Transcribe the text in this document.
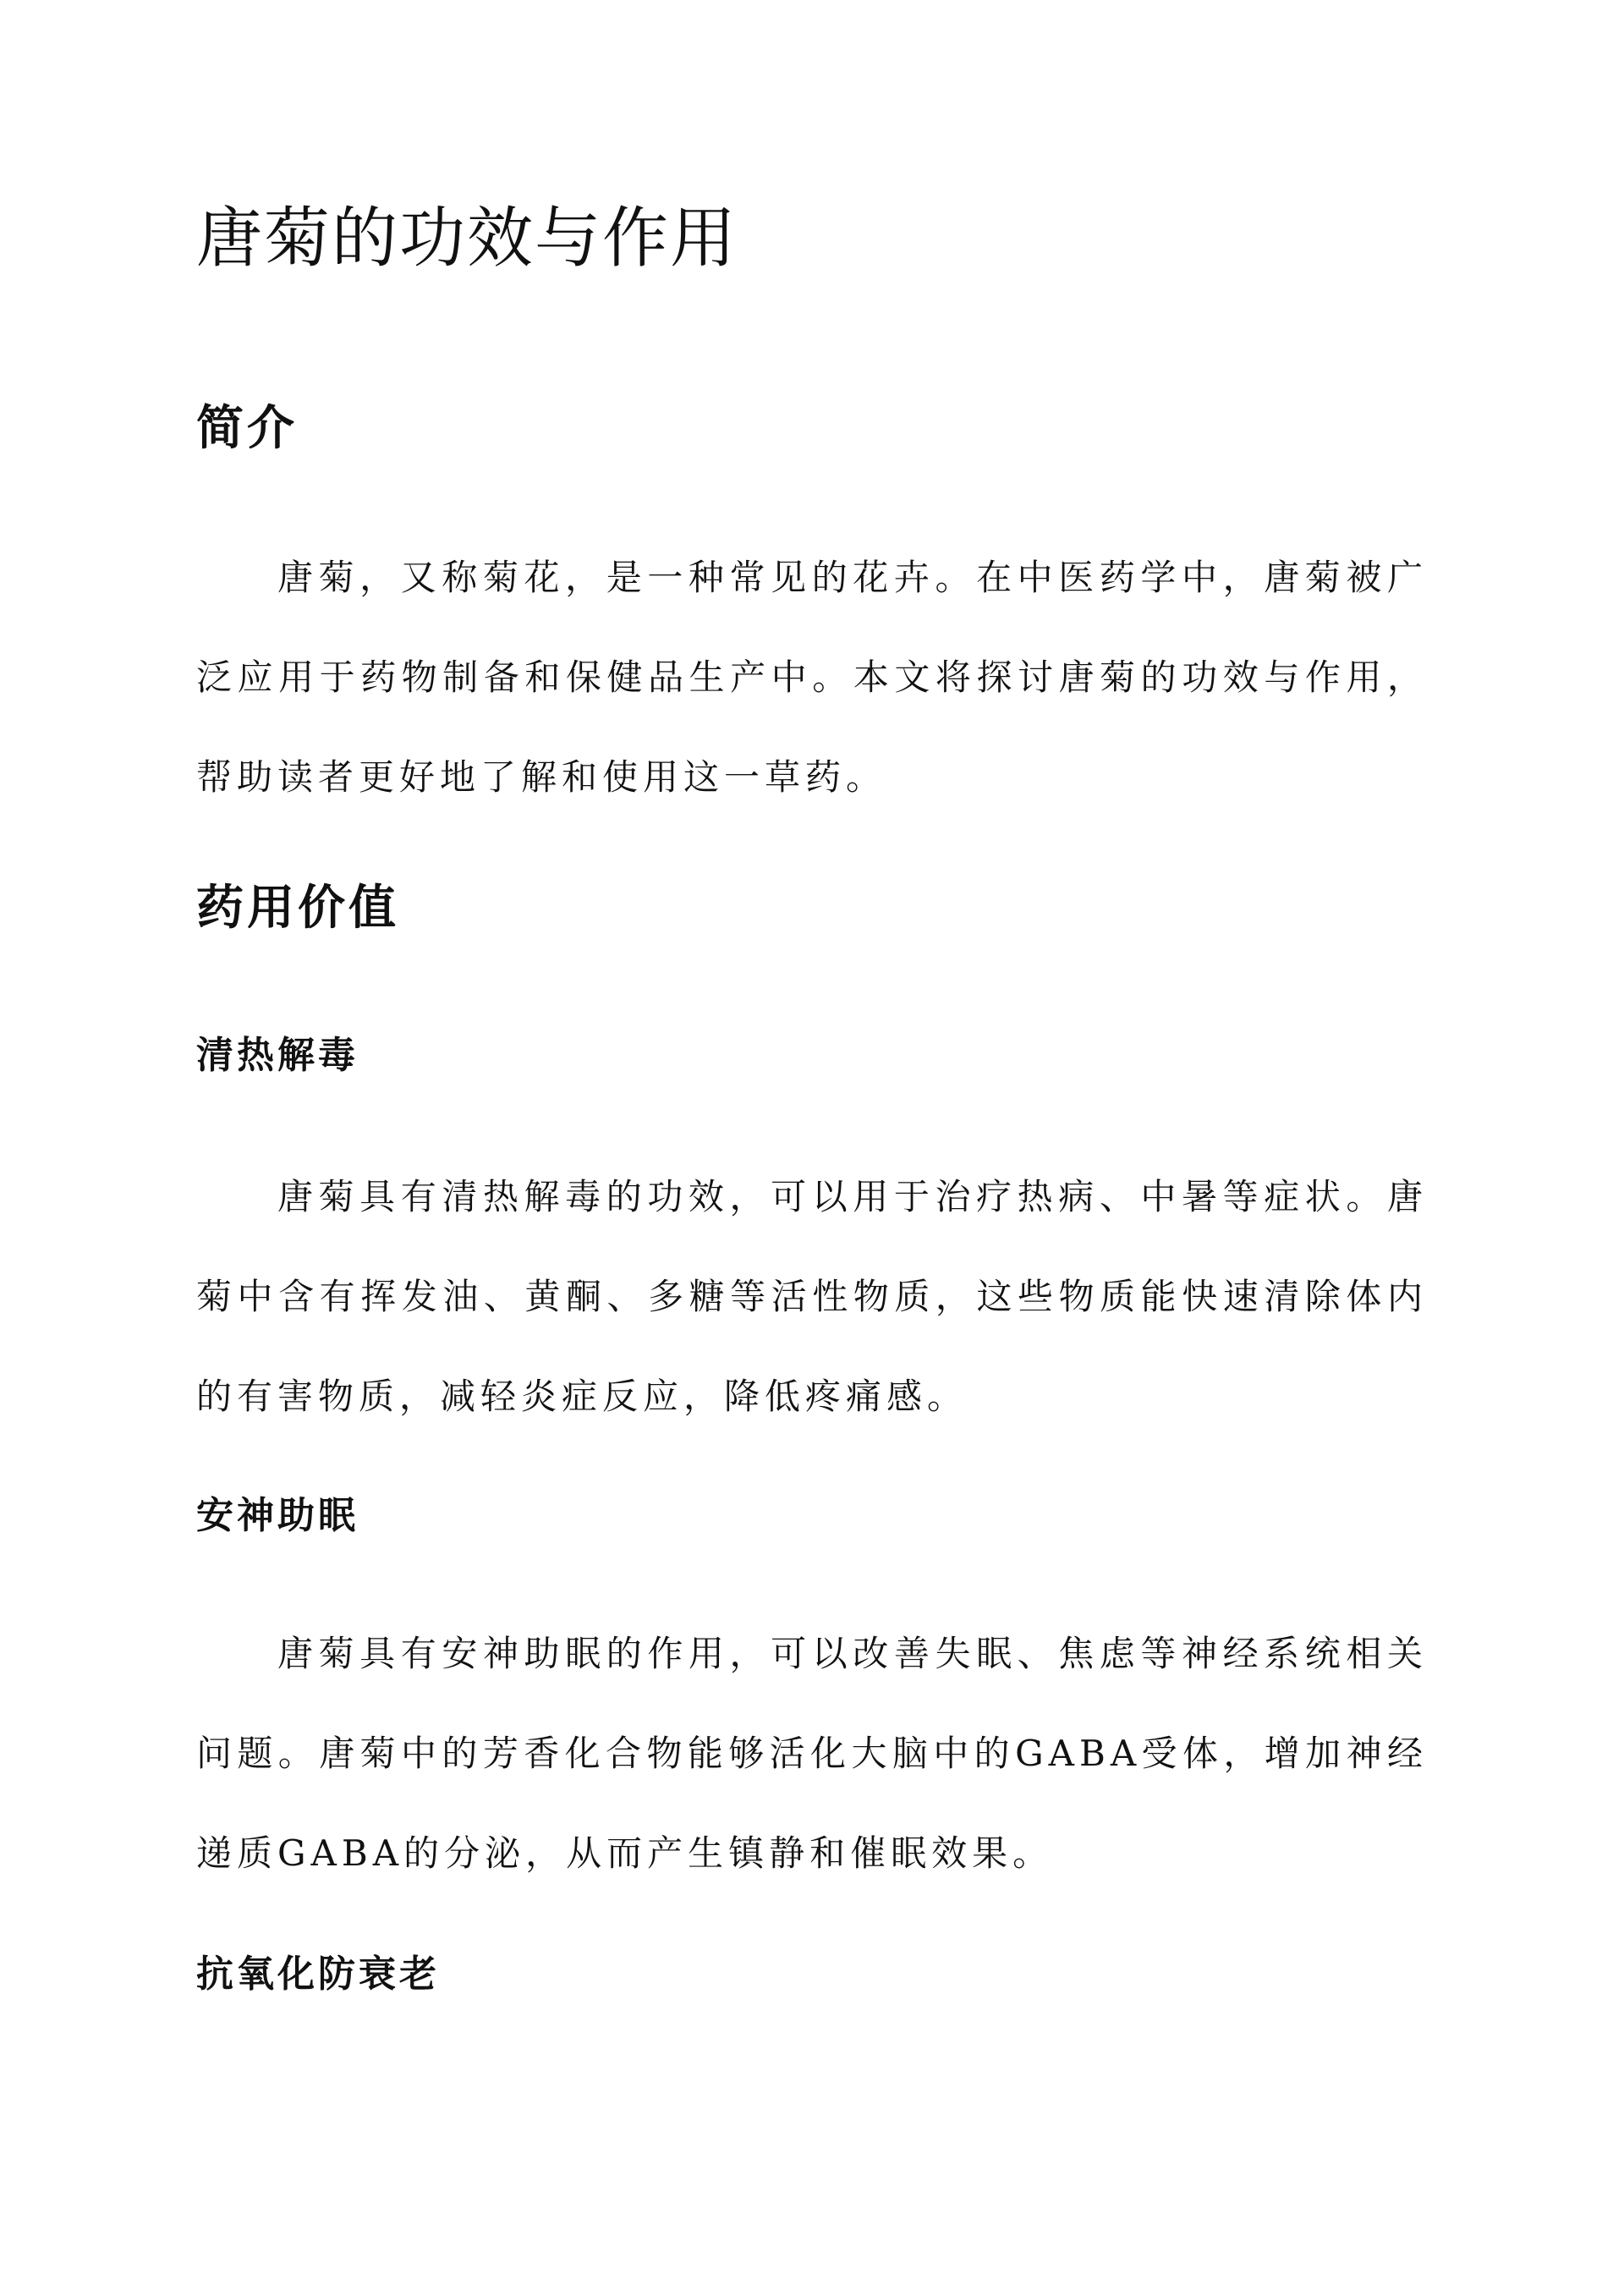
唐菊的功效与作用
简介

唐菊，又称菊花，是一种常见的花卉。在中医药学中，唐菊被广泛应用于药物制备和保健品生产中。本文将探讨唐菊的功效与作用，帮助读者更好地了解和使用这一草药。

药用价值
清热解毒

唐菊具有清热解毒的功效，可以用于治疗热病、中暑等症状。唐菊中含有挥发油、黄酮、多糖等活性物质，这些物质能快速清除体内的有害物质，减轻炎症反应，降低疼痛感。

安神助眠

唐菊具有安神助眠的作用，可以改善失眠、焦虑等神经系统相关问题。唐菊中的芳香化合物能够活化大脑中的GABA受体，增加神经递质GABA的分泌，从而产生镇静和催眠效果。

抗氧化防衰老
